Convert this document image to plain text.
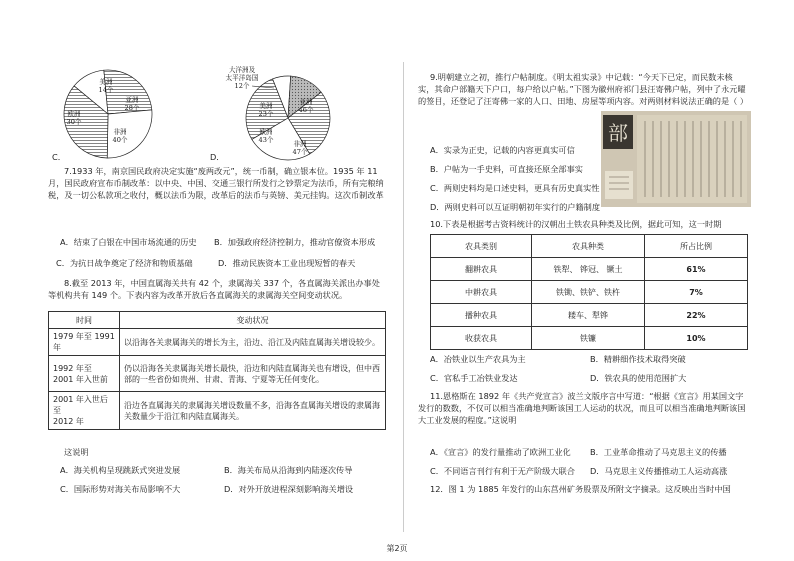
美洲
14个
亚洲
28个
欧洲
30个
非洲
40个
C．
美洲
23个
亚洲
46个
欧洲
43个	非洲
47个
大洋洲及
太平洋岛国
12个
D．

7.1933 年，南京国民政府决定实施“废两改元”，统一币制，确立银本位。1935 年 11 月，国民政府宣布币制改革：以中央、中国、交通三银行所发行之钞票定为法币，所有完粮纳税，及一切公私款项之收付，概以法币为限，改革后的法币与英镑、美元挂钩。这次币制改革

A．结束了白银在中国市场流通的历史 B．加强政府经济控制力，推动官僚资本形成
C．为抗日战争奠定了经济和物质基础	D．推动民族资本工业出现短暂的春天

8.截至 2013 年，中国直属海关共有 42 个，隶属海关 337 个，各直属海关派出办事处等机构共有 149 个。下表内容为改革开放后各直属海关的隶属海关空间变动状况。

时间	变动状况
1979 年至 1991 年	以沿海各关隶属海关的增长为主，沿边、沿江及内陆直属海关增设较少。

1992 年至
2001 年入世前	仍以沿海各关隶属海关增长最快，沿边和内陆直属海关也有增设，但中西部的一些省份如贵州、甘肃、青海、宁夏等无任何变化。

2001 年入世后至
2012 年	沿边各直属海关的隶属海关增设数量不多，沿海各直属海关增设的隶属海关数量少于沿江和内陆直属海关。
这说明
A．海关机构呈现跳跃式突进发展	B．海关布局从沿海到内陆逐次传导
C．国际形势对海关布局影响不大	D．对外开放进程深刻影响海关增设

9.明朝建立之初，推行户帖制度。《明太祖实录》中记载：“今天下已定，而民数未核实，其命户部籍天下户口，每户给以户帖。”下图为徽州府祁门县汪寄佛户帖，列中了永元曜的签目，还登记了汪寄佛一家的人口、田地、房屋等项内容。对两则材料说法正确的是（ ）

部
A．实录为正史，记载的内容更真实可信
B．户帖为一手史料，可直接还原全部事实
C．两则史料均是口述史料，更具有历史真实性
D．两则史料可以互证明朝初年实行的户籍制度
10.下表是根据考古资料统计的汉朝出土铁农具种类及比例，据此可知，这一时期
农具类别	农具种类	所占比例
翻耕农具	铁犁、 铧冠、 镢土	61%
中耕农具	铁锄、铁铲、铁杵	7%
播种农具	耧车、犁铧	22%
收获农具	铁镰	10%
A．冶铁业以生产农具为主	B．精耕细作技术取得突破
C．官私手工冶铁业发达	D．铁农具的使用范围扩大

11.恩格斯在 1892 年《共产党宣言》波兰文版序言中写道：“根据《宣言》用某国文字发行的数数，不仅可以相当准确地判断该国工人运动的状况，而且可以相当准确地判断该国大工业发展的程度。”这说明

A．《宣言》的发行量推动了欧洲工业化 B．工业革命推动了马克思主义的传播
C．不同语言刊行有利于无产阶级大联合 D．马克思主义传播推动工人运动高涨
12．图 1 为 1885 年发行的山东莒州矿务股票及所附文字摘录。这反映出当时中国
第2页
